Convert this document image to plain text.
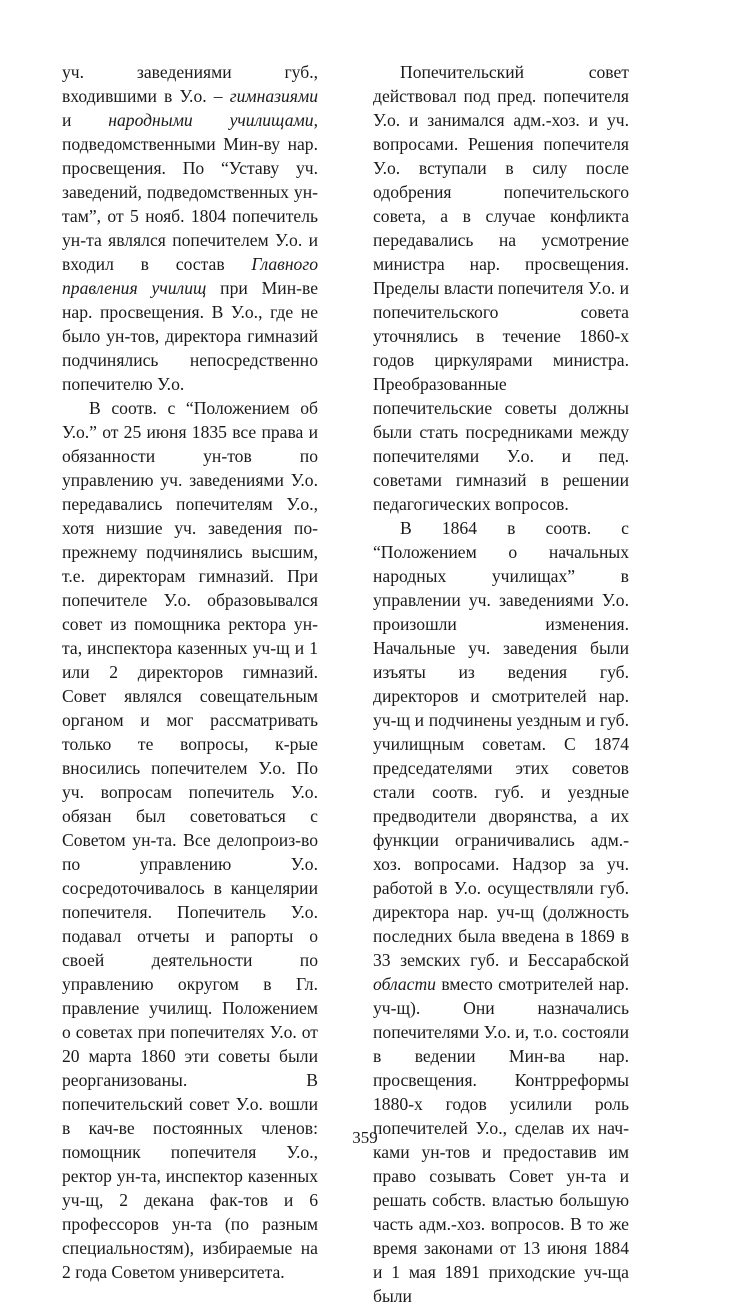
уч. заведениями губ., входившими в У.о. – гимназиями и народными училищами, подведомственными Мин-ву нар. просвещения. По “Уставу уч. заведений, подведомственных ун-там”, от 5 нояб. 1804 попечитель ун-та являлся попечителем У.о. и входил в состав Главного правления училищ при Мин-ве нар. просвещения. В У.о., где не было ун-тов, директора гимназий подчинялись непосредственно попечителю У.о.

В соотв. с “Положением об У.о.” от 25 июня 1835 все права и обязанности ун-тов по управлению уч. заведениями У.о. передавались попечителям У.о., хотя низшие уч. заведения по-прежнему подчинялись высшим, т.е. директорам гимназий. При попечителе У.о. образовывался совет из помощника ректора ун-та, инспектора казенных уч-щ и 1 или 2 директоров гимназий. Совет являлся совещательным органом и мог рассматривать только те вопросы, к-рые вносились попечителем У.о. По уч. вопросам попечитель У.о. обязан был советоваться с Советом ун-та. Все делопроиз-во по управлению У.о. сосредоточивалось в канцелярии попечителя. Попечитель У.о. подавал отчеты и рапорты о своей деятельности по управлению округом в Гл. правление училищ. Положением о советах при попечителях У.о. от 20 марта 1860 эти советы были реорганизованы. В попечительский совет У.о. вошли в кач-ве постоянных членов: помощник попечителя У.о., ректор ун-та, инспектор казенных уч-щ, 2 декана фак-тов и 6 профессоров ун-та (по разным специальностям), избираемые на 2 года Советом университета.

Попечительский совет действовал под пред. попечителя У.о. и занимался адм.-хоз. и уч. вопросами. Решения попечителя У.о. вступали в силу после одобрения попечительского совета, а в случае конфликта передавались на усмотрение министра нар. просвещения. Пределы власти попечителя У.о. и попечительского совета уточнялись в течение 1860-х годов циркулярами министра. Преобразованные попечительские советы должны были стать посредниками между попечителями У.о. и пед. советами гимназий в решении педагогических вопросов.

В 1864 в соотв. с “Положением о начальных народных училищах” в управлении уч. заведениями У.о. произошли изменения. Начальные уч. заведения были изъяты из ведения губ. директоров и смотрителей нар. уч-щ и подчинены уездным и губ. училищным советам. С 1874 председателями этих советов стали соотв. губ. и уездные предводители дворянства, а их функции ограничивались адм.-хоз. вопросами. Надзор за уч. работой в У.о. осуществляли губ. директора нар. уч-щ (должность последних была введена в 1869 в 33 земских губ. и Бессарабской области вместо смотрителей нар. уч-щ). Они назначались попечителями У.о. и, т.о. состояли в ведении Мин-ва нар. просвещения. Контрреформы 1880-х годов усилили роль попечителей У.о., сделав их нач-ками ун-тов и предоставив им право созывать Совет ун-та и решать собств. властью большую часть адм.-хоз. вопросов. В то же время законами от 13 июня 1884 и 1 мая 1891 приходские уч-ща были

359
